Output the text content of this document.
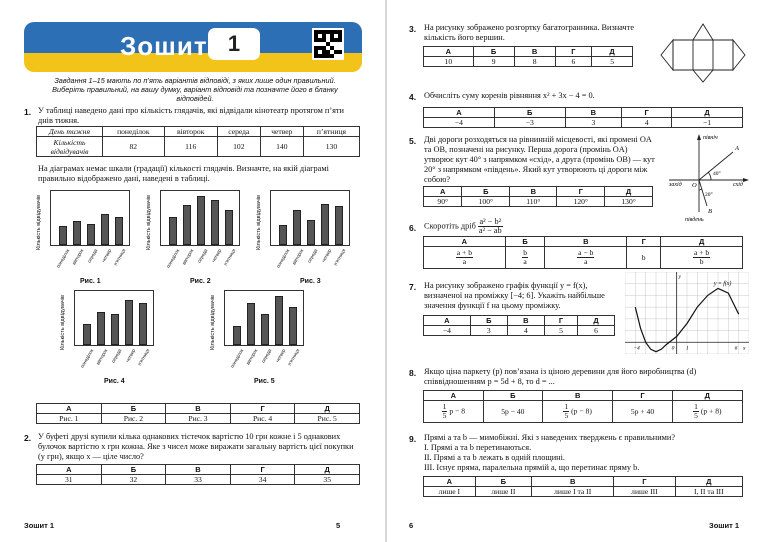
Зошит 1
Завдання 1–15 мають по п’ять варіантів відповіді, з яких лише один правильний. Виберіть правильний, на вашу думку, варіант відповіді та позначте його в бланку відповідей.
1. У таблиці наведено дані про кількість глядачів, які відвідали кінотеатр протягом п’яти днів тижня.
День тижня	понеділок	вівторок	середа	четвер	п’ятниця
Кількість відвідувачів	82	116	102	140	130
На діаграмах немає шкали (градації) кількості глядачів. Визначте, на якій діаграмі правильно відображено дані, наведені в таблиці.
Кількість відвідувачів
понеділок вівторок середа четвер п’ятниця
Рис. 1
Кількість відвідувачів
понеділок вівторок середа четвер п’ятниця
Рис. 2
Кількість відвідувачів
понеділок вівторок середа четвер п’ятниця
Рис. 3
Кількість відвідувачів
понеділок вівторок середа четвер п’ятниця
Рис. 4
Кількість відвідувачів
понеділок вівторок середа четвер п’ятниця
Рис. 5
А	Б	В	Г	Д
Рис. 1	Рис. 2	Рис. 3	Рис. 4	Рис. 5
2. У буфеті друзі купили кілька однакових тістечок вартістю 10 грн кожне і 5 однакових булочок вартістю x грн кожна. Яке з чисел може виражати загальну вартість цієї покупки (у грн), якщо x — ціле число?
А	Б	В	Г	Д
31	32	33	34	35
Зошит 1	5
3. На рисунку зображено розгортку багатогранника. Визначте кількість його вершин.
А	Б	В	Г	Д
10	9	8	6	5
4. Обчисліть суму коренів рівняння x² + 3x − 4 = 0.
А	Б	В	Г	Д
−4	−3	3	4	−1
5. Дві дороги розходяться на рівнинній місцевості, які промені OA та OB, позначені на рисунку. Перша дорога (промінь OA) утворює кут 40° з напрямком «схід», а друга (промінь OB) — кут 20° з напрямком «південь». Який кут утворюють ці дороги між собою?
А	Б	В	Г	Д
90°	100°	110°	120°	130°
північ
захід	схід
південь
A
B
O
40°
20°
6. Скоротіть дріб $\frac{\text{a² − b²}}{\text{a² − ab}}$
А	Б	В	Г	Д

$\frac{a + b}{a}$	$\frac{b}{a}$	$\frac{a - b}{a}$	b	$\frac{a + b}{b}$
7. На рисунку зображено графік функції y = f(x), визначеної на проміжку [−4; 6]. Укажіть найбільше значення функції f на цьому проміжку.
А	Б	В	Г	Д
−4	3	4	5	6
y = f(x)
y
x
−4	6
1
0
8. Якщо ціна паркету (p) пов’язана із ціною деревини для його виробництва (d) співвідношенням p = 5d + 8, то d = ...
А	Б	В	Г	Д

$\frac{1}{5}$ p − 8	5p − 40	$\frac{1}{5} (p - 8)$	5p + 40	$\frac{1}{5} (p + 8)$
9. Прямі a та b — мимобіжні. Які з наведених тверджень є правильними?
I. Прямі a та b перетинаються.
II. Прямі a та b лежать в одній площині.
III. Існує пряма, паралельна прямій a, що перетинає пряму b.
А	Б	В	Г	Д
лише I	лише II	лише I та II	лише III	I, II та III
6	Зошит 1
